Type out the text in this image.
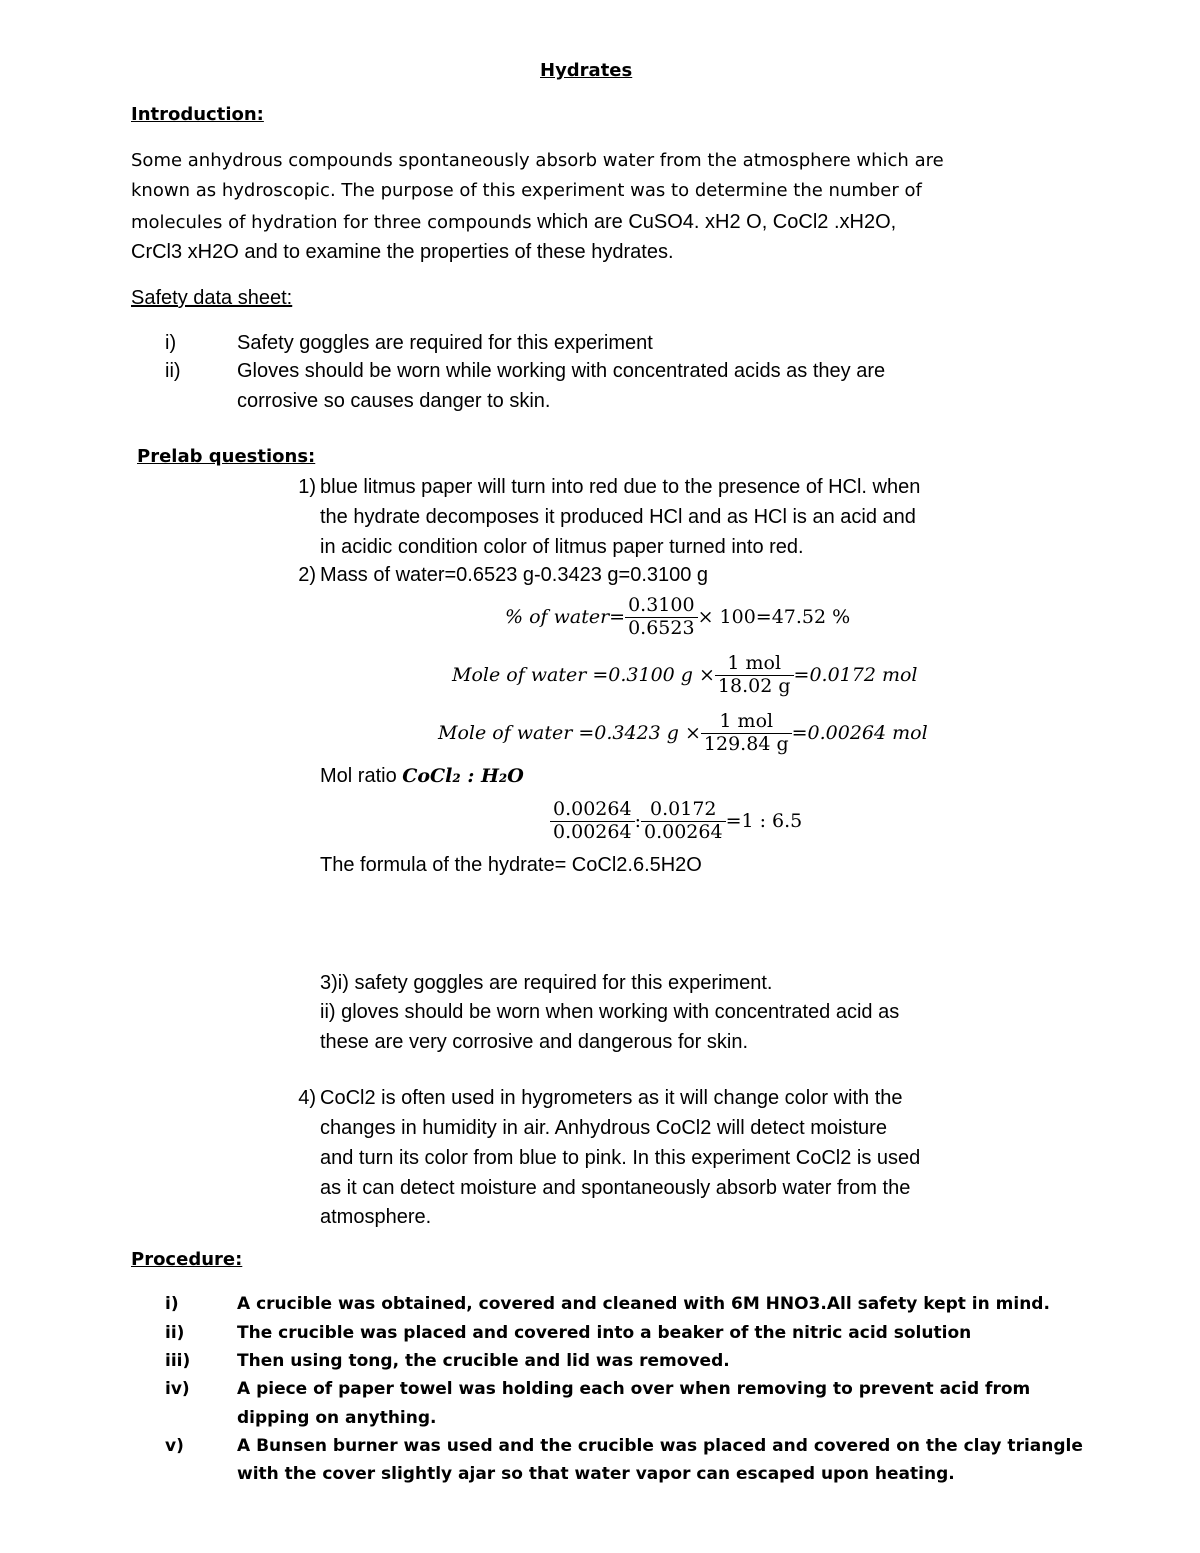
Hydrates
Introduction:
Some anhydrous compounds spontaneously absorb water from the atmosphere which are
known as hydroscopic. The purpose of this experiment was to determine the number of
molecules of hydration for three compounds which are CuSO4. xH2 O, CoCl2 .xH2O,
CrCl3 xH2O and to examine the properties of these hydrates.
Safety data sheet:
i)	Safety goggles are required for this experiment
ii)	Gloves should be worn while working with concentrated acids as they are
corrosive so causes danger to skin.
Prelab questions:
1) blue litmus paper will turn into red due to the presence of HCl. when
the hydrate decomposes it produced HCl and as HCl is an acid and
in acidic condition color of litmus paper turned into red.
2) Mass of water=0.6523 g-0.3423 g=0.3100 g
% of water= $\frac{0.3100}{0.6523} \times 100=47.52$ %
Mole of water =0.3100 $g \times \frac{\text{1 mol}}{18.02 g} =0.0172$ mol
Mole of water =0.3423 $g \times \frac{\text{1 mol}}{129.84 g} =0.00264$ mol
Mol ratio CoCl₂ : H₂O
$\frac{0.00264}{0.00264}$ : $\frac{0.0172}{0.00264} =1$ : 6.5
The formula of the hydrate= CoCl2.6.5H2O
3)i) safety goggles are required for this experiment.
ii) gloves should be worn when working with concentrated acid as
these are very corrosive and dangerous for skin.
4) CoCl2 is often used in hygrometers as it will change color with the
changes in humidity in air. Anhydrous CoCl2 will detect moisture
and turn its color from blue to pink. In this experiment CoCl2 is used
as it can detect moisture and spontaneously absorb water from the
atmosphere.
Procedure:
i)	A crucible was obtained, covered and cleaned with 6M HNO3.All safety kept in mind.
ii)	The crucible was placed and covered into a beaker of the nitric acid solution
iii)	Then using tong, the crucible and lid was removed.
iv)	A piece of paper towel was holding each over when removing to prevent acid from
dipping on anything.
v)	A Bunsen burner was used and the crucible was placed and covered on the clay triangle
with the cover slightly ajar so that water vapor can escaped upon heating.
